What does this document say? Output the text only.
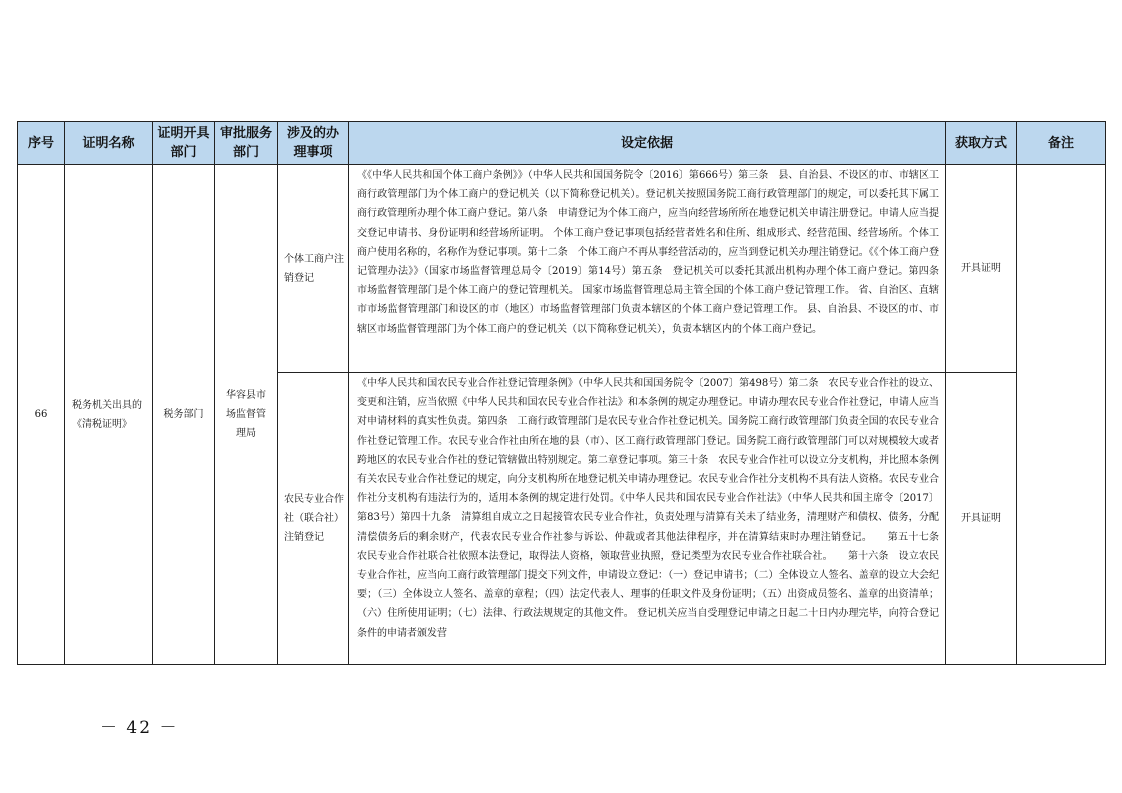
序号	证明名称	证明开具部门	审批服务部门	涉及的办理事项	设定依据	获取方式	备注
66	税务机关出具的《清税证明》	税务部门	华容县市场监督管理局	个体工商户注销登记	《《中华人民共和国个体工商户条例》》（中华人民共和国国务院令〔2016〕第666号）第三条　县、自治县、不设区的市、市辖区工商行政管理部门为个体工商户的登记机关（以下简称登记机关）。登记机关按照国务院工商行政管理部门的规定，可以委托其下属工商行政管理所办理个体工商户登记。第八条　申请登记为个体工商户，应当向经营场所所在地登记机关申请注册登记。申请人应当提交登记申请书、身份证明和经营场所证明。 个体工商户登记事项包括经营者姓名和住所、组成形式、经营范围、经营场所。个体工商户使用名称的，名称作为登记事项。第十二条　个体工商户不再从事经营活动的，应当到登记机关办理注销登记。《《个体工商户登记管理办法》》（国家市场监督管理总局令〔2019〕第14号）第五条　登记机关可以委托其派出机构办理个体工商户登记。第四条　市场监督管理部门是个体工商户的登记管理机关。 国家市场监督管理总局主管全国的个体工商户登记管理工作。 省、自治区、直辖市市场监督管理部门和设区的市（地区）市场监督管理部门负责本辖区的个体工商户登记管理工作。 县、自治县、不设区的市、市辖区市场监督管理部门为个体工商户的登记机关（以下简称登记机关），负责本辖区内的个体工商户登记。	开具证明	
				农民专业合作社（联合社）注销登记	《中华人民共和国农民专业合作社登记管理条例》（中华人民共和国国务院令〔2007〕第498号）第二条　农民专业合作社的设立、变更和注销，应当依照《中华人民共和国农民专业合作社法》和本条例的规定办理登记。申请办理农民专业合作社登记，申请人应当对申请材料的真实性负责。第四条　工商行政管理部门是农民专业合作社登记机关。国务院工商行政管理部门负责全国的农民专业合作社登记管理工作。农民专业合作社由所在地的县（市）、区工商行政管理部门登记。国务院工商行政管理部门可以对规模较大或者跨地区的农民专业合作社的登记管辖做出特别规定。第二章登记事项。第三十条　农民专业合作社可以设立分支机构，并比照本条例有关农民专业合作社登记的规定，向分支机构所在地登记机关申请办理登记。农民专业合作社分支机构不具有法人资格。农民专业合作社分支机构有违法行为的，适用本条例的规定进行处罚。《中华人民共和国农民专业合作社法》（中华人民共和国主席令〔2017〕第83号）第四十九条　清算组自成立之日起接管农民专业合作社，负责处理与清算有关未了结业务，清理财产和债权、债务，分配清偿债务后的剩余财产，代表农民专业合作社参与诉讼、仲裁或者其他法律程序，并在清算结束时办理注销登记。　　第五十七条　农民专业合作社联合社依照本法登记，取得法人资格，领取营业执照，登记类型为农民专业合作社联合社。　　第十六条　设立农民专业合作社，应当向工商行政管理部门提交下列文件，申请设立登记：（一）登记申请书；（二）全体设立人签名、盖章的设立大会纪要；（三）全体设立人签名、盖章的章程；（四）法定代表人、理事的任职文件及身份证明；（五）出资成员签名、盖章的出资清单；（六）住所使用证明；（七）法律、行政法规规定的其他文件。 登记机关应当自受理登记申请之日起二十日内办理完毕，向符合登记条件的申请者颁发营	开具证明	
－ 42 －
